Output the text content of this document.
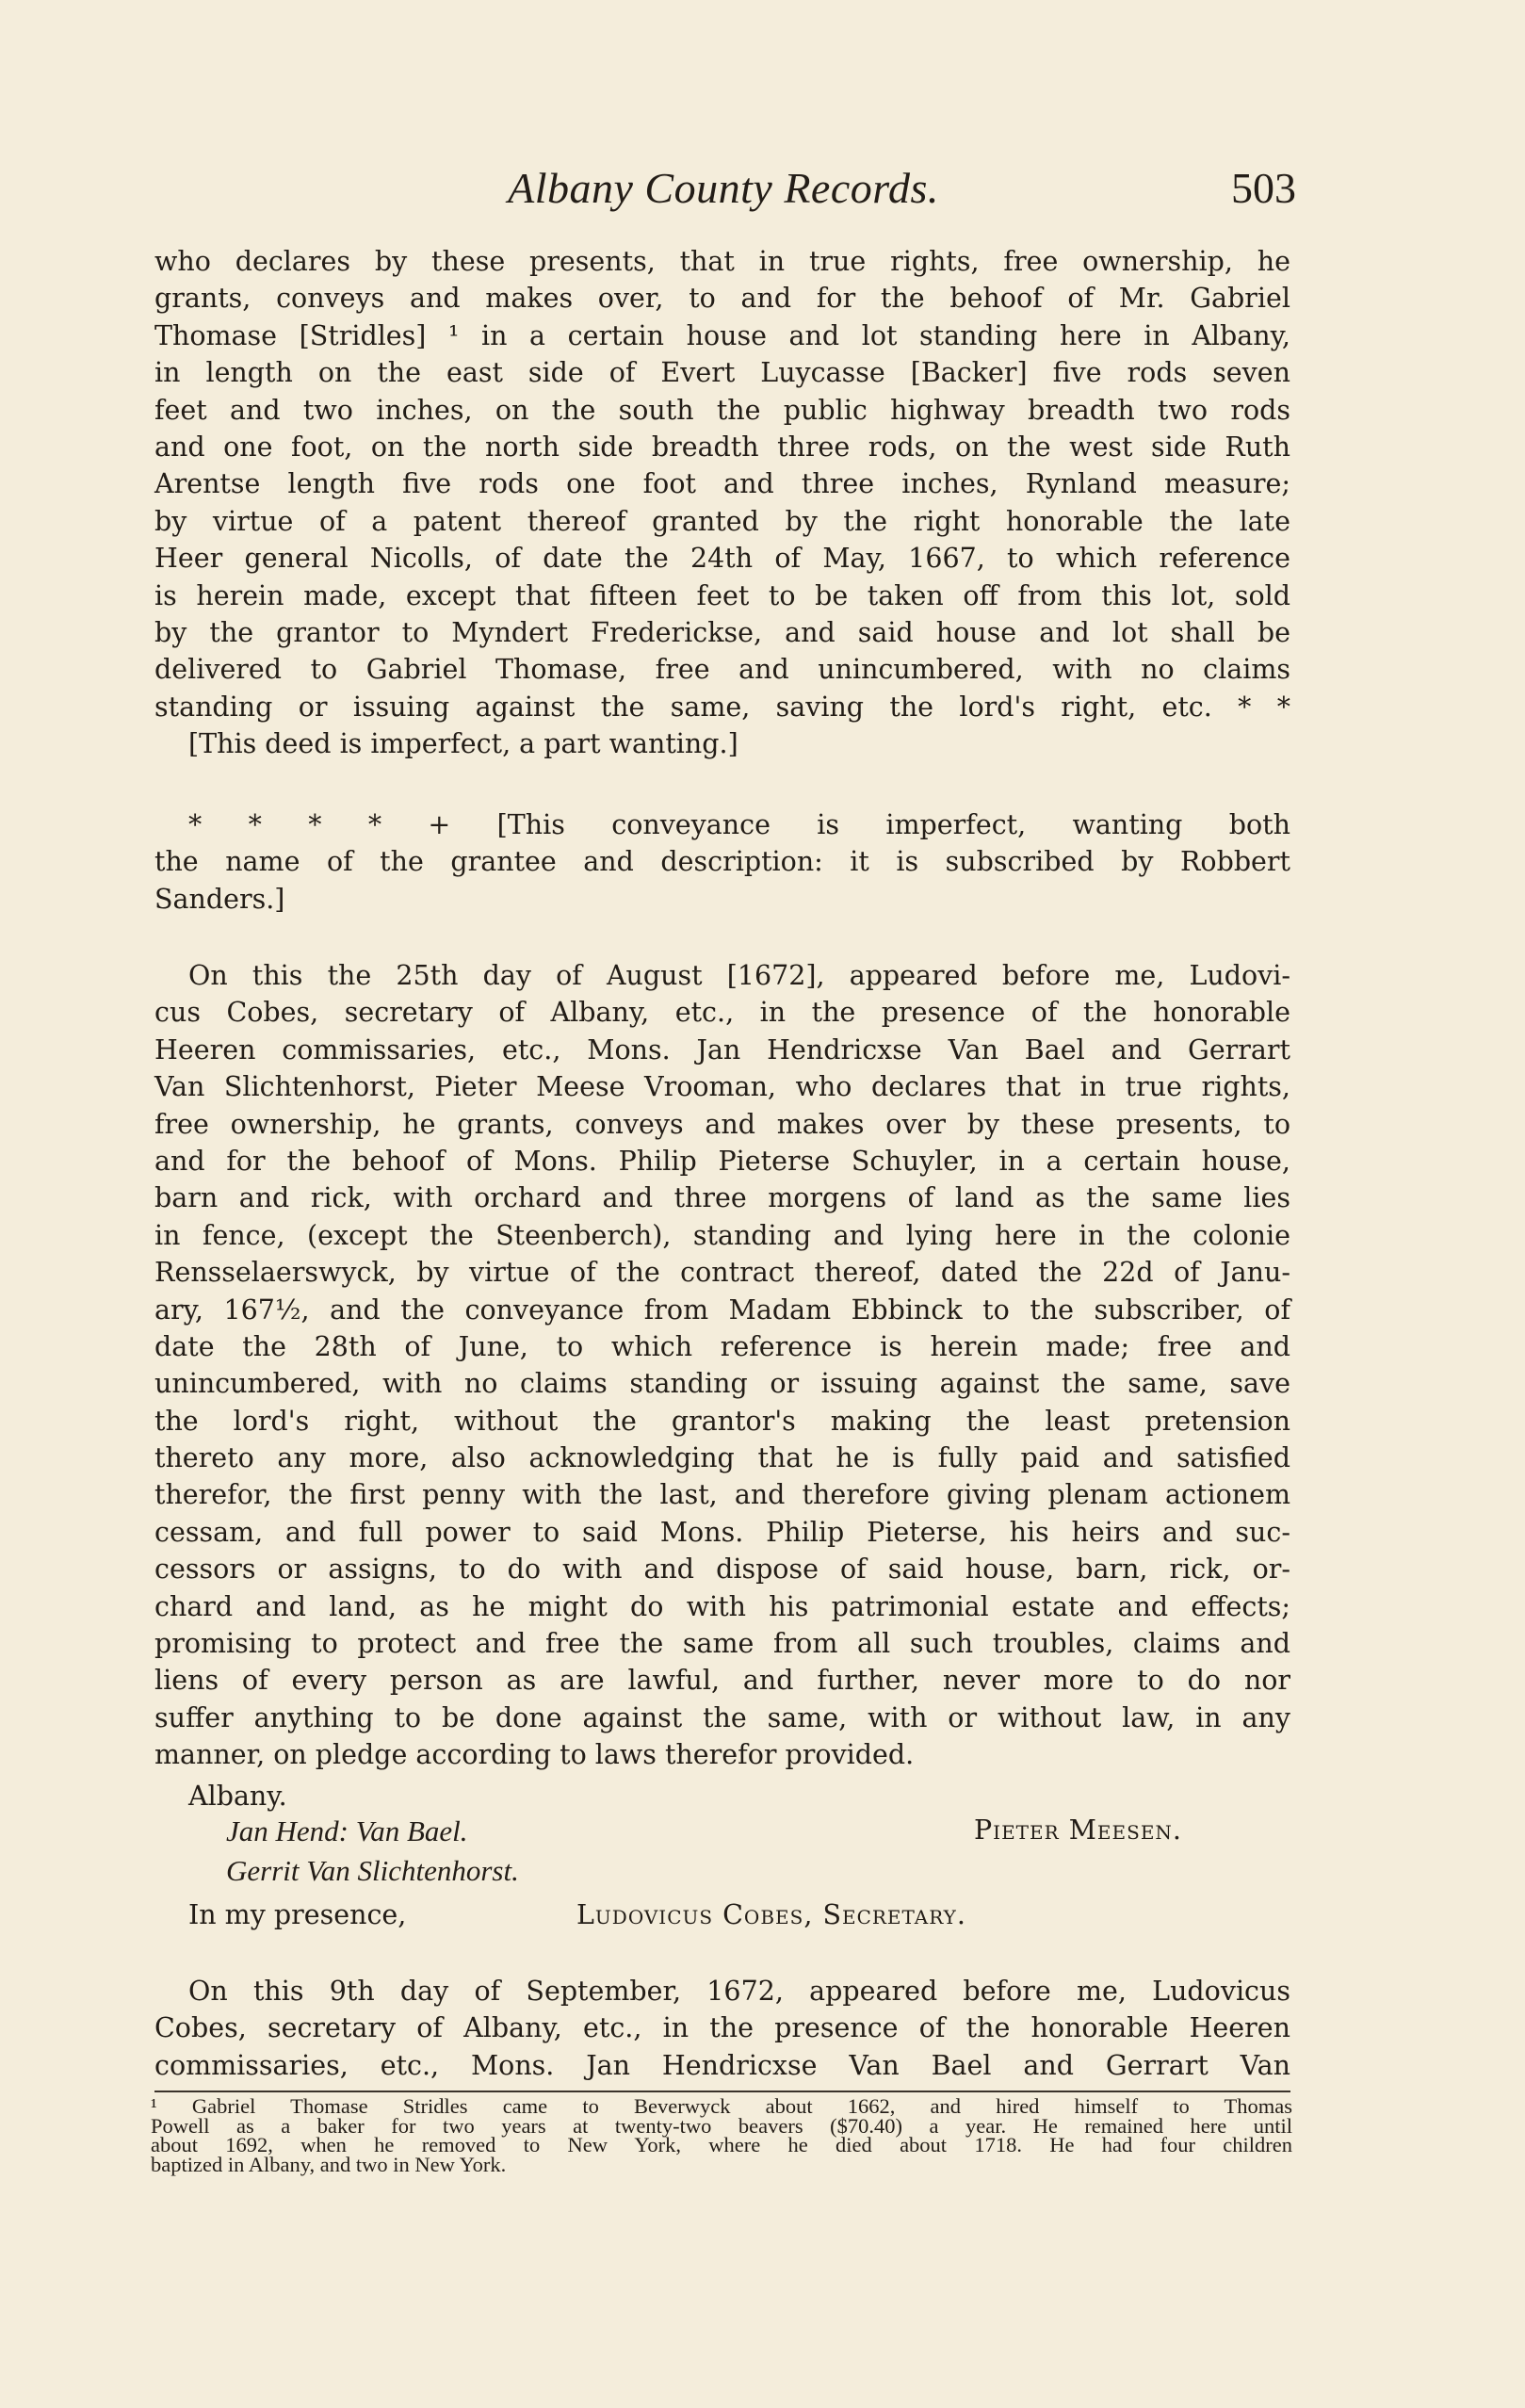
Albany County Records.	503
who declares by these presents, that in true rights, free ownership, he
grants, conveys and makes over, to and for the behoof of Mr. Gabriel
Thomase [Stridles] ¹ in a certain house and lot standing here in Albany,
in length on the east side of Evert Luycasse [Backer] five rods seven
feet and two inches, on the south the public highway breadth two rods
and one foot, on the north side breadth three rods, on the west side Ruth
Arentse length five rods one foot and three inches, Rynland measure;
by virtue of a patent thereof granted by the right honorable the late
Heer general Nicolls, of date the 24th of May, 1667, to which reference
is herein made, except that fifteen feet to be taken off from this lot, sold
by the grantor to Myndert Frederickse, and said house and lot shall be
delivered to Gabriel Thomase, free and unincumbered, with no claims
standing or issuing against the same, saving the lord's right, etc. * *
[This deed is imperfect, a part wanting.]
* * * * + [This conveyance is imperfect, wanting both
the name of the grantee and description: it is subscribed by Robbert
Sanders.]
On this the 25th day of August [1672], appeared before me, Ludovi-
cus Cobes, secretary of Albany, etc., in the presence of the honorable
Heeren commissaries, etc., Mons. Jan Hendricxse Van Bael and Gerrart
Van Slichtenhorst, Pieter Meese Vrooman, who declares that in true rights,
free ownership, he grants, conveys and makes over by these presents, to
and for the behoof of Mons. Philip Pieterse Schuyler, in a certain house,
barn and rick, with orchard and three morgens of land as the same lies
in fence, (except the Steenberch), standing and lying here in the colonie
Rensselaerswyck, by virtue of the contract thereof, dated the 22d of Janu-
ary, 167½, and the conveyance from Madam Ebbinck to the subscriber, of
date the 28th of June, to which reference is herein made; free and
unincumbered, with no claims standing or issuing against the same, save
the lord's right, without the grantor's making the least pretension
thereto any more, also acknowledging that he is fully paid and satisfied
therefor, the first penny with the last, and therefore giving plenam actionem
cessam, and full power to said Mons. Philip Pieterse, his heirs and suc-
cessors or assigns, to do with and dispose of said house, barn, rick, or-
chard and land, as he might do with his patrimonial estate and effects;
promising to protect and free the same from all such troubles, claims and
liens of every person as are lawful, and further, never more to do nor
suffer anything to be done against the same, with or without law, in any
manner, on pledge according to laws therefor provided.
Albany.
Jan Hend: Van Bael.	Pieter Meesen.
Gerrit Van Slichtenhorst.
In my presence,	Ludovicus Cobes, Secretary.
On this 9th day of September, 1672, appeared before me, Ludovicus
Cobes, secretary of Albany, etc., in the presence of the honorable Heeren
commissaries, etc., Mons. Jan Hendricxse Van Bael and Gerrart Van
¹ Gabriel Thomase Stridles came to Beverwyck about 1662, and hired himself to Thomas
Powell as a baker for two years at twenty-two beavers ($70.40) a year. He remained here until
about 1692, when he removed to New York, where he died about 1718. He had four children
baptized in Albany, and two in New York.
